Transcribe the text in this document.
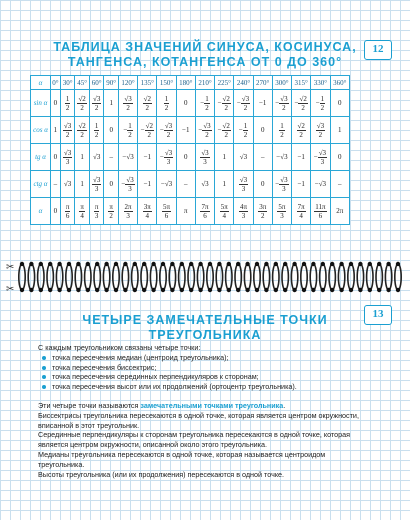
ТАБЛИЦА ЗНАЧЕНИЙ СИНУСА, КОСИНУСА,
ТАНГЕНСА, КОТАНГЕНСА ОТ 0 ДО 360°
12
α	0°	30°	45°	60°	90°	120°	135°	150°	180°	210°	225°	240°	270°	300°	315°	330°	360°
sin α	0	$\frac{1}{2}$	$\frac{√2}{2}$	$\frac{√3}{2}$	1	$\frac{√3}{2}$	$\frac{√2}{2}$	$\frac{1}{2}$	0	− $\frac{1}{2}$	− $\frac{√2}{2}$	− $\frac{√3}{2}$	−1	− $\frac{√3}{2}$	− $\frac{√2}{2}$	− $\frac{1}{2}$	0
cos α	1	$\frac{√3}{2}$	$\frac{√2}{2}$	$\frac{1}{2}$	0	− $\frac{1}{2}$	− $\frac{√2}{2}$	− $\frac{√3}{2}$	−1	− $\frac{√3}{2}$	− $\frac{√2}{2}$	− $\frac{1}{2}$	0	$\frac{1}{2}$	$\frac{√2}{2}$	$\frac{√3}{2}$	1
tg α	0	$\frac{√3}{3}$	1	√3	–	−√3	−1	− $\frac{√3}{3}$	0	$\frac{√3}{3}$	1	√3	–	−√3	−1	− $\frac{√3}{3}$	0
ctg α	–	√3	1	$\frac{√3}{3}$	0	− $\frac{√3}{3}$	−1	−√3	–	√3	1	$\frac{√3}{3}$	0	− $\frac{√3}{3}$	−1	−√3	–
α	0	$\frac{\pi}{6}$	$\frac{\pi}{4}$	$\frac{\pi}{3}$	$\frac{\pi}{2}$	$\frac{2\pi}{3}$	$\frac{3\pi}{4}$	$\frac{5\pi}{6}$	π	$\frac{7\pi}{6}$	$\frac{5\pi}{4}$	$\frac{4\pi}{3}$	$\frac{3\pi}{2}$	$\frac{5\pi}{3}$	$\frac{7\pi}{4}$	$\frac{11\pi}{6}$	2π
✂
✂
ЧЕТЫРЕ ЗАМЕЧАТЕЛЬНЫЕ ТОЧКИ
ТРЕУГОЛЬНИКА
13

С каждым треугольником связаны четыре точки:

точка пересечения медиан (центроид треугольника);
точка пересечения биссектрис;
точка пересечения серединных перпендикуляров к сторонам;
точка пересечения высот или их продолжений (ортоцентр треугольника).

Эти четыре точки называются замечательными точками треугольника.

Биссектрисы треугольника пересекаются в одной точке, которая является центром окружности, вписанной в этот треугольник.

Серединные перпендикуляры к сторонам треугольника пересекаются в одной точке, которая является центром окружности, описанной около этого треугольника.

Медианы треугольника пересекаются в одной точке, которая называется центроидом треугольника.

Высоты треугольника (или их продолжения) пересекаются в одной точке.
